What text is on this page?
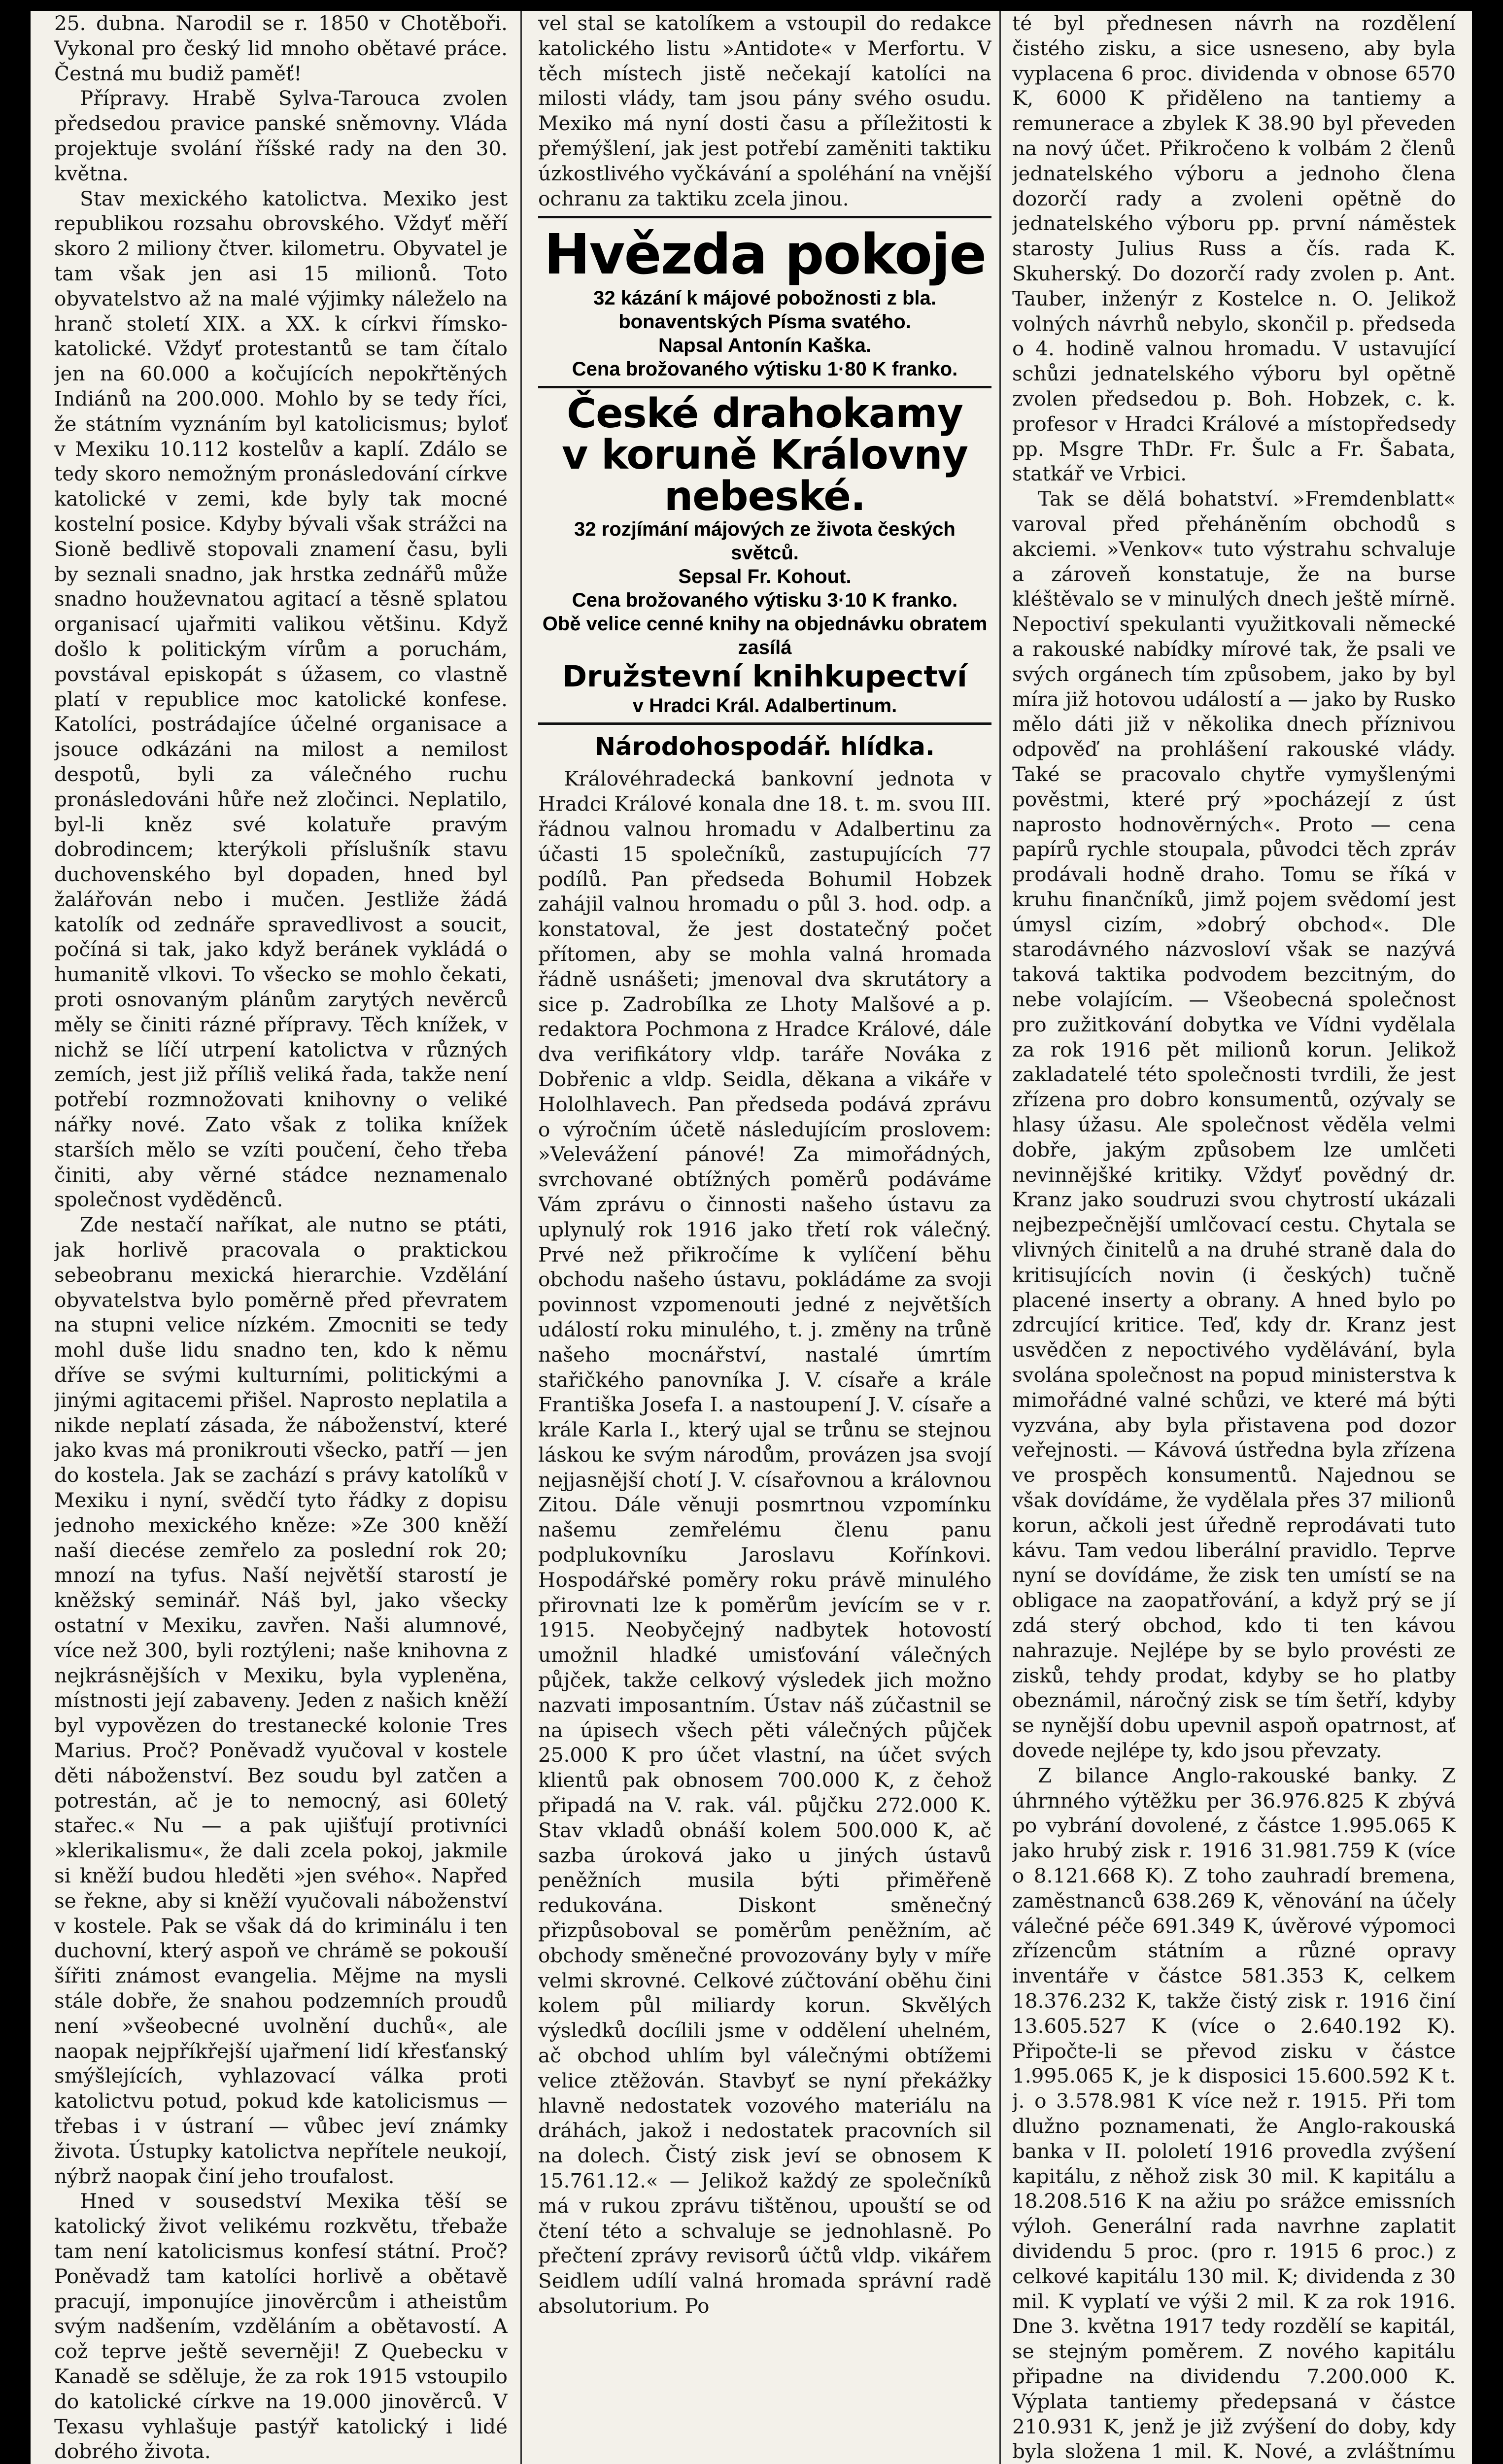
25. dubna. Narodil se r. 1850 v Chotěboři. Vykonal pro český lid mnoho obětavé práce. Čestná mu budiž paměť!

Přípravy. Hrabě Sylva-Tarouca zvolen předsedou pravice panské sněmovny. Vláda projektuje svolání říšské rady na den 30. května.

Stav mexického katolictva. Mexiko jest republikou rozsahu obrovského. Vždyť měří skoro 2 miliony čtver. kilometru. Obyvatel je tam však jen asi 15 milionů. Toto obyvatelstvo až na malé výjimky náleželo na hranč století XIX. a XX. k církvi římsko-katolické. Vždyť protestantů se tam čítalo jen na 60.000 a kočujících nepokřtěných Indiánů na 200.000. Mohlo by se tedy říci, že státním vyznáním byl katolicismus; byloť v Mexiku 10.112 kostelův a kaplí. Zdálo se tedy skoro nemožným pronásledování církve katolické v zemi, kde byly tak mocné kostelní posice. Kdyby bývali však strážci na Sioně bedlivě stopovali znamení času, byli by seznali snadno, jak hrstka zednářů může snadno houževnatou agitací a těsně splatou organisací ujařmiti valikou většinu. Když došlo k politickým vírům a poruchám, povstával episkopát s úžasem, co vlastně platí v republice moc katolické konfese. Katolíci, postrádajíce účelné organisace a jsouce odkázáni na milost a nemilost despotů, byli za válečného ruchu pronásledováni hůře než zločinci. Neplatilo, byl-li kněz své kolatuře pravým dobrodincem; kterýkoli příslušník stavu duchovenského byl dopaden, hned byl žalářován nebo i mučen. Jestliže žádá katolík od zednáře spravedlivost a soucit, počíná si tak, jako když beránek vykládá o humanitě vlkovi. To všecko se mohlo čekati, proti osnovaným plánům zarytých nevěrců měly se činiti rázné přípravy. Těch knížek, v nichž se líčí utrpení katolictva v různých zemích, jest již příliš veliká řada, takže není potřebí rozmnožovati knihovny o veliké nářky nové. Zato však z tolika knížek starších mělo se vzíti poučení, čeho třeba činiti, aby věrné stádce neznamenalo společnost vyděděnců.

Zde nestačí naříkat, ale nutno se ptáti, jak horlivě pracovala o praktickou sebeobranu mexická hierarchie. Vzdělání obyvatelstva bylo poměrně před převratem na stupni velice nízkém. Zmocniti se tedy mohl duše lidu snadno ten, kdo k němu dříve se svými kulturními, politickými a jinými agitacemi přišel. Naprosto neplatila a nikde neplatí zásada, že náboženství, které jako kvas má pronikrouti všecko, patří — jen do kostela. Jak se zachází s právy katolíků v Mexiku i nyní, svědčí tyto řádky z dopisu jednoho mexického kněze: »Ze 300 kněží naší diecése zemřelo za poslední rok 20; mnozí na tyfus. Naší největší starostí je kněžský seminář. Náš byl, jako všecky ostatní v Mexiku, zavřen. Naši alumnové, více než 300, byli roztýleni; naše knihovna z nejkrásnějších v Mexiku, byla vypleněna, místnosti její zabaveny. Jeden z našich kněží byl vypovězen do trestanecké kolonie Tres Marius. Proč? Poněvadž vyučoval v kostele děti náboženství. Bez soudu byl zatčen a potrestán, ač je to nemocný, asi 60letý stařec.« Nu — a pak ujišťují protivníci »klerikalismu«, že dali zcela pokoj, jakmile si kněží budou hleděti »jen svého«. Napřed se řekne, aby si kněží vyučovali náboženství v kostele. Pak se však dá do kriminálu i ten duchovní, který aspoň ve chrámě se pokouší šířiti známost evangelia. Mějme na mysli stále dobře, že snahou podzemních proudů není »všeobecné uvolnění duchů«, ale naopak nejpříkřejší ujařmení lidí křesťanský smýšlejících, vyhlazovací válka proti katolictvu potud, pokud kde katolicismus — třebas i v ústraní — vůbec jeví známky života. Ústupky katolictva nepřítele neukojí, nýbrž naopak činí jeho troufalost.

Hned v sousedství Mexika těší se katolický život velikému rozkvětu, třebaže tam není katolicismus konfesí státní. Proč? Poněvadž tam katolíci horlivě a obětavě pracují, imponujíce jinověrcům i atheistům svým nadšením, vzděláním a obětavostí. A což teprve ještě severněji! Z Quebecku v Kanadě se sděluje, že za rok 1915 vstoupilo do katolické církve na 19.000 jinověrců. V Texasu vyhlašuje pastýř katolický i lidé dobrého života.

vel stal se katolíkem a vstoupil do redakce katolického listu »Antidote« v Merfortu. V těch místech jistě nečekají katolíci na milosti vlády, tam jsou pány svého osudu. Mexiko má nyní dosti času a příležitosti k přemýšlení, jak jest potřebí zaměniti taktiku úzkostlivého vyčkávání a spoléhání na vnější ochranu za taktiku zcela jinou.

Hvězda pokoje
32 kázání k májové pobožnosti z bla. bonaventských Písma svatého.
Napsal Antonín Kaška.
Cena brožovaného výtisku 1·80 K franko.
České drahokamy
v koruně Královny
nebeské.
32 rozjímání májových ze života českých světců.
Sepsal Fr. Kohout.
Cena brožovaného výtisku 3·10 K franko.
Obě velice cenné knihy na objednávku obratem zasílá
Družstevní knihkupectví
v Hradci Král. Adalbertinum.
Národohospodář. hlídka.

Královéhradecká bankovní jednota v Hradci Králové konala dne 18. t. m. svou III. řádnou valnou hromadu v Adalbertinu za účasti 15 společníků, zastupujících 77 podílů. Pan předseda Bohumil Hobzek zahájil valnou hromadu o půl 3. hod. odp. a konstatoval, že jest dostatečný počet přítomen, aby se mohla valná hromada řádně usnášeti; jmenoval dva skrutátory a sice p. Zadrobílka ze Lhoty Malšové a p. redaktora Pochmona z Hradce Králové, dále dva verifikátory vldp. taráře Nováka z Dobřenic a vldp. Seidla, děkana a vikáře v Hololhlavech. Pan předseda podává zprávu o výročním účetě následujícím proslovem: »Velevážení pánové! Za mimořádných, svrchované obtížných poměrů podáváme Vám zprávu o činnosti našeho ústavu za uplynulý rok 1916 jako třetí rok válečný. Prvé než přikročíme k vylíčení běhu obchodu našeho ústavu, pokládáme za svoji povinnost vzpomenouti jedné z největších událostí roku minulého, t. j. změny na trůně našeho mocnářství, nastalé úmrtím stařičkého panovníka J. V. císaře a krále Františka Josefa I. a nastoupení J. V. císaře a krále Karla I., který ujal se trůnu se stejnou láskou ke svým národům, provázen jsa svojí nejjasnější chotí J. V. císařovnou a královnou Zitou. Dále věnuji posmrtnou vzpomínku našemu zemřelému členu panu podplukovníku Jaroslavu Kořínkovi. Hospodářské poměry roku právě minulého přirovnati lze k poměrům jevícím se v r. 1915. Neobyčejný nadbytek hotovostí umožnil hladké umisťování válečných půjček, takže celkový výsledek jich možno nazvati imposantním. Ústav náš zúčastnil se na úpisech všech pěti válečných půjček 25.000 K pro účet vlastní, na účet svých klientů pak obnosem 700.000 K, z čehož připadá na V. rak. vál. půjčku 272.000 K. Stav vkladů obnáší kolem 500.000 K, ač sazba úroková jako u jiných ústavů peněžních musila býti přiměřeně redukována. Diskont směnečný přizpůsoboval se poměrům peněžním, ač obchody směnečné provozovány byly v míře velmi skrovné. Celkové zúčtování oběhu čini kolem půl miliardy korun. Skvělých výsledků docílili jsme v oddělení uhelném, ač obchod uhlím byl válečnými obtížemi velice ztěžován. Stavbyť se nyní překážky hlavně nedostatek vozového materiálu na dráhách, jakož i nedostatek pracovních sil na dolech. Čistý zisk jeví se obnosem K 15.761.12.« — Jelikož každý ze společníků má v rukou zprávu tištěnou, upouští se od čtení této a schvaluje se jednohlasně. Po přečtení zprávy revisorů účtů vldp. vikářem Seidlem udílí valná hromada správní radě absolutorium. Po

té byl přednesen návrh na rozdělení čistého zisku, a sice usneseno, aby byla vyplacena 6 proc. dividenda v obnose 6570 K, 6000 K přiděleno na tantiemy a remunerace a zbylek K 38.90 byl převeden na nový účet. Přikročeno k volbám 2 členů jednatelského výboru a jednoho člena dozorčí rady a zvoleni opětně do jednatelského výboru pp. první náměstek starosty Julius Russ a čís. rada K. Skuherský. Do dozorčí rady zvolen p. Ant. Tauber, inženýr z Kostelce n. O. Jelikož volných návrhů nebylo, skončil p. předseda o 4. hodině valnou hromadu. V ustavující schůzi jednatelského výboru byl opětně zvolen předsedou p. Boh. Hobzek, c. k. profesor v Hradci Králové a místopředsedy pp. Msgre ThDr. Fr. Šulc a Fr. Šabata, statkář ve Vrbici.

Tak se dělá bohatství. »Fremdenblatt« varoval před přeháněním obchodů s akciemi. »Venkov« tuto výstrahu schvaluje a zároveň konstatuje, že na burse kléštěvalo se v minulých dnech ještě mírně. Nepoctiví spekulanti využitkovali německé a rakouské nabídky mírové tak, že psali ve svých orgánech tím způsobem, jako by byl míra již hotovou událostí a — jako by Rusko mělo dáti již v několika dnech příznivou odpověď na prohlášení rakouské vlády. Také se pracovalo chytře vymyšlenými pověstmi, které prý »pocházejí z úst naprosto hodnověrných«. Proto — cena papírů rychle stoupala, původci těch zpráv prodávali hodně draho. Tomu se říká v kruhu finančníků, jimž pojem svědomí jest úmysl cizím, »dobrý obchod«. Dle starodávného názvosloví však se nazývá taková taktika podvodem bezcitným, do nebe volajícím. — Všeobecná společnost pro zužitkování dobytka ve Vídni vydělala za rok 1916 pět milionů korun. Jelikož zakladatelé této společnosti tvrdili, že jest zřízena pro dobro konsumentů, ozývaly se hlasy úžasu. Ale společnost věděla velmi dobře, jakým způsobem lze umlčeti nevinnějšké kritiky. Vždyť povědný dr. Kranz jako soudruzi svou chytrostí ukázali nejbezpečnější umlčovací cestu. Chytala se vlivných činitelů a na druhé straně dala do kritisujících novin (i českých) tučně placené inserty a obrany. A hned bylo po zdrcující kritice. Teď, kdy dr. Kranz jest usvědčen z nepoctivého vydělávání, byla svolána společnost na popud ministerstva k mimořádné valné schůzi, ve které má býti vyzvána, aby byla přistavena pod dozor veřejnosti. — Kávová ústředna byla zřízena ve prospěch konsumentů. Najednou se však dovídáme, že vydělala přes 37 milionů korun, ačkoli jest úředně reprodávati tuto kávu. Tam vedou liberální pravidlo. Teprve nyní se dovídáme, že zisk ten umístí se na obligace na zaopatřování, a když prý se jí zdá sterý obchod, kdo ti ten kávou nahrazuje. Nejlépe by se bylo provésti ze zisků, tehdy prodat, kdyby se ho platby obeznámil, náročný zisk se tím šetří, kdyby se nynější dobu upevnil aspoň opatrnost, ať dovede nejlépe ty, kdo jsou převzaty.

Z bilance Anglo-rakouské banky. Z úhrnného výtěžku per 36.976.825 K zbývá po vybrání dovolené, z částce 1.995.065 K jako hrubý zisk r. 1916 31.981.759 K (více o 8.121.668 K). Z toho zauhradí bremena, zaměstnanců 638.269 K, věnování na účely válečné péče 691.349 K, úvěrové výpomoci zřízencům státním a různé opravy inventáře v částce 581.353 K, celkem 18.376.232 K, takže čistý zisk r. 1916 činí 13.605.527 K (více o 2.640.192 K). Připočte-li se převod zisku v částce 1.995.065 K, je k disposici 15.600.592 K t. j. o 3.578.981 K více než r. 1915. Při tom dlužno poznamenati, že Anglo-rakouská banka v II. pololetí 1916 provedla zvýšení kapitálu, z něhož zisk 30 mil. K kapitálu a 18.208.516 K na ažiu po srážce emissních výloh. Generální rada navrhne zaplatit dividendu 5 proc. (pro r. 1915 6 proc.) z celkové kapitálu 130 mil. K; dividenda z 30 mil. K vyplatí ve výši 2 mil. K za rok 1916. Dne 3. května 1917 tedy rozdělí se kapitál, se stejným poměrem. Z nového kapitálu připadne na dividendu 7.200.000 K. Výplata tantiemy předepsaná v částce 210.931 K, jenž je již zvýšení do doby, kdy byla složena 1 mil. K. Nové, a zvláštnímu
